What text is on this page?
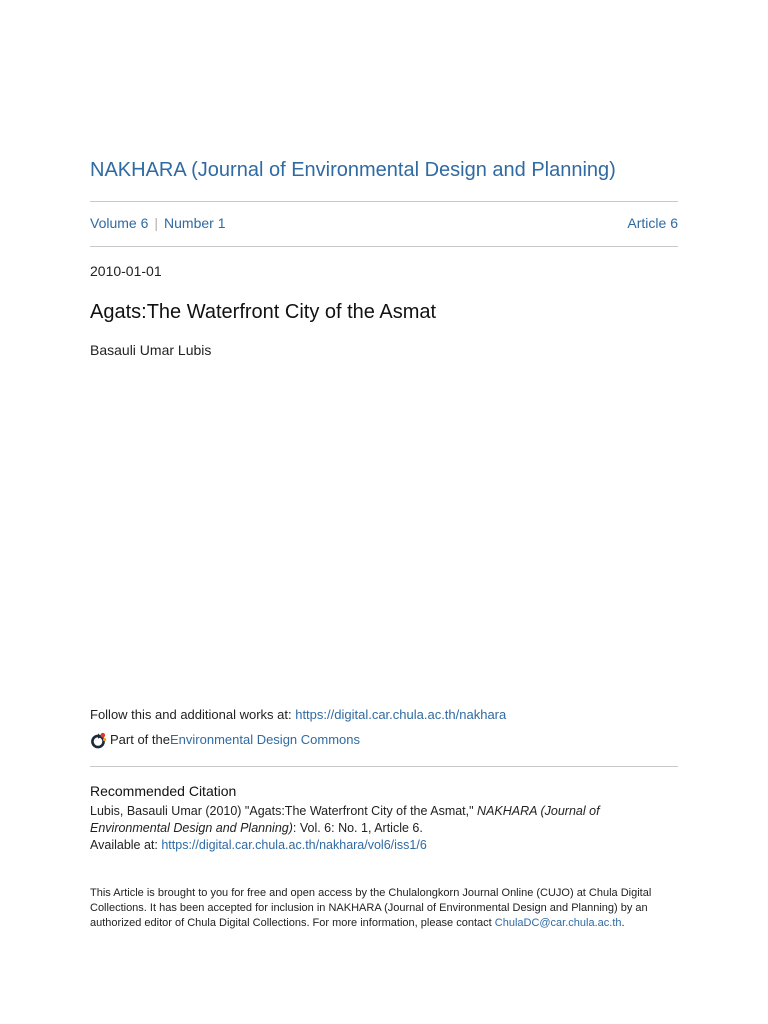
NAKHARA (Journal of Environmental Design and Planning)
Volume 6 | Number 1	Article 6
2010-01-01
Agats:The Waterfront City of the Asmat
Basauli Umar Lubis
Follow this and additional works at: https://digital.car.chula.ac.th/nakhara
Part of the Environmental Design Commons
Recommended Citation
Lubis, Basauli Umar (2010) "Agats:The Waterfront City of the Asmat," NAKHARA (Journal of
Environmental Design and Planning): Vol. 6: No. 1, Article 6.
Available at: https://digital.car.chula.ac.th/nakhara/vol6/iss1/6
This Article is brought to you for free and open access by the Chulalongkorn Journal Online (CUJO) at Chula Digital
Collections. It has been accepted for inclusion in NAKHARA (Journal of Environmental Design and Planning) by an
authorized editor of Chula Digital Collections. For more information, please contact ChulaDC@car.chula.ac.th.
